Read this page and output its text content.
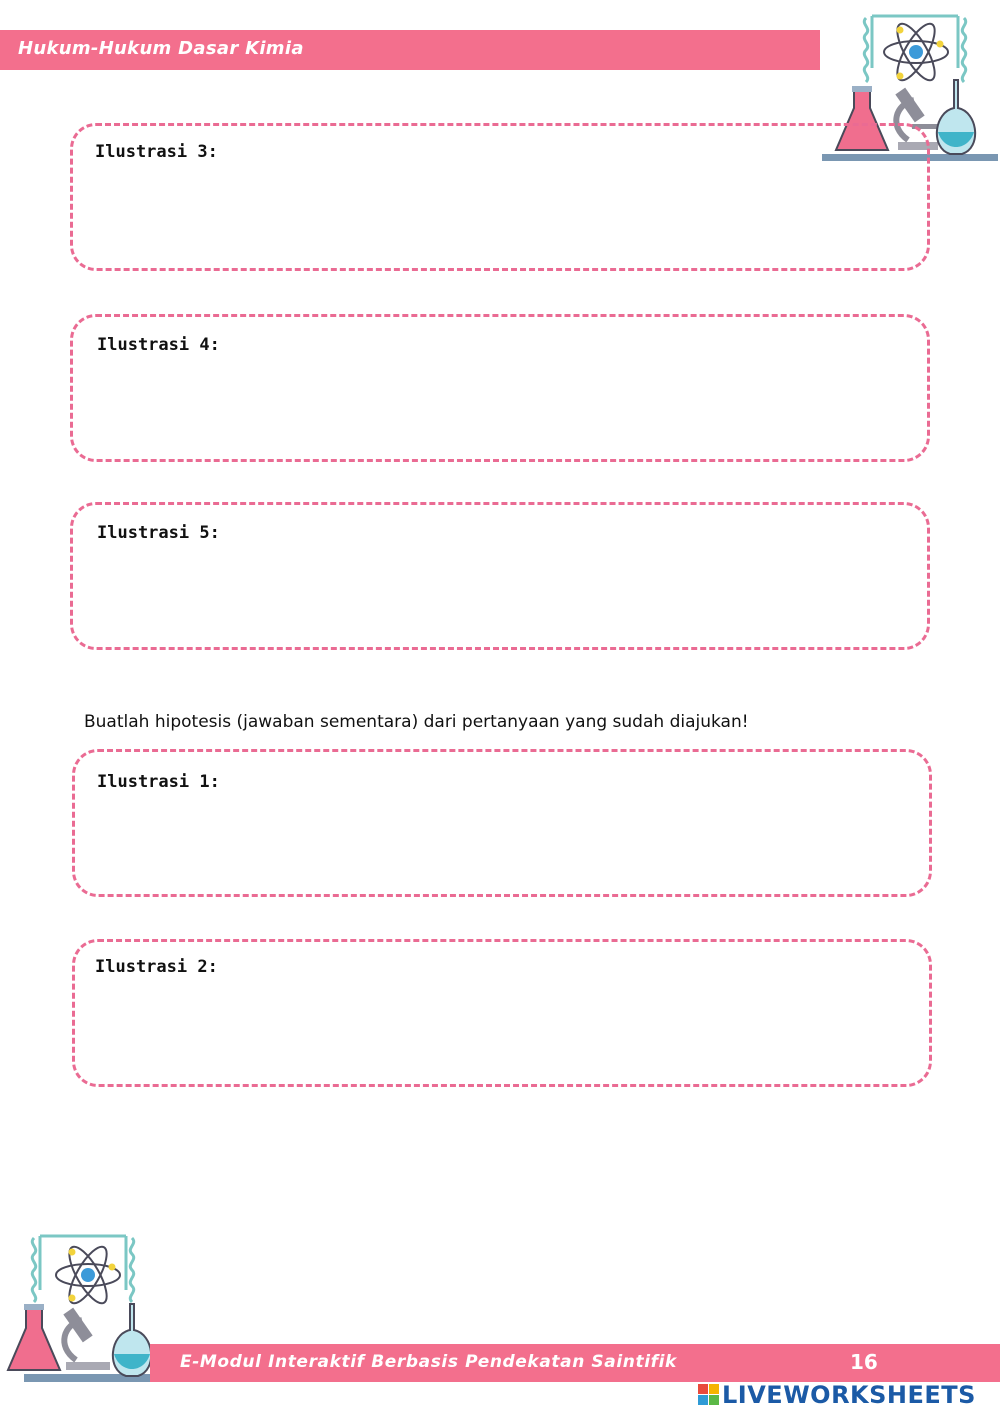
Hukum-Hukum Dasar Kimia
Ilustrasi 3:
Ilustrasi 4:
Ilustrasi 5:
Buatlah hipotesis (jawaban sementara) dari pertanyaan yang sudah diajukan!
Ilustrasi 1:
Ilustrasi 2:
E-Modul Interaktif Berbasis Pendekatan Saintifik	16
LIVEWORKSHEETS
